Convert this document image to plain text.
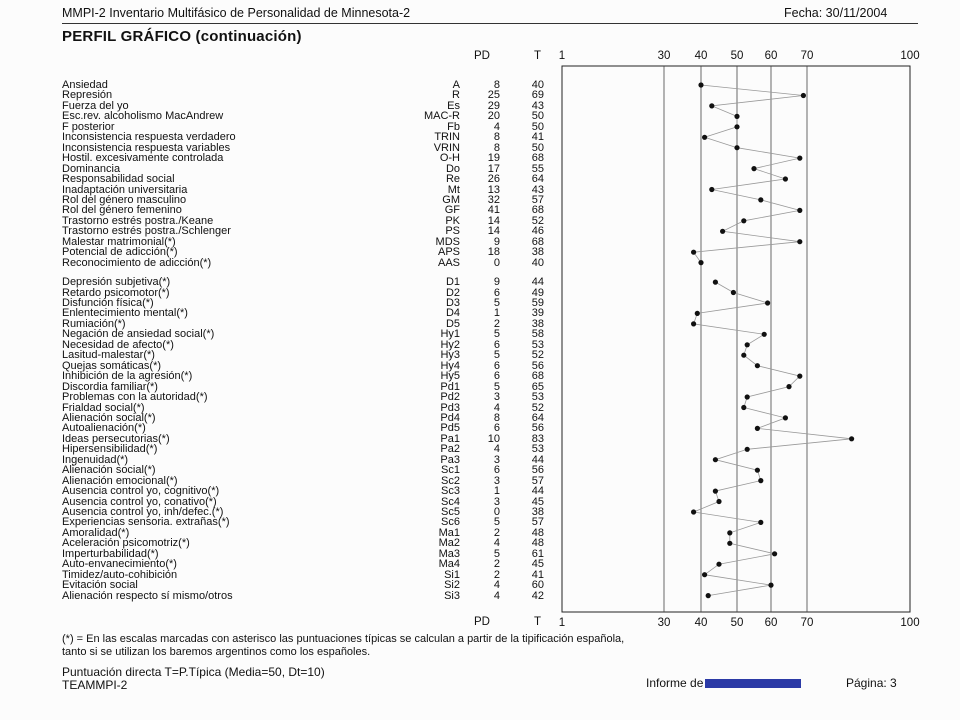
MMPI-2 Inventario Multifásico de Personalidad de Minnesota-2	Fecha: 30/11/2004
PERFIL GRÁFICO (continuación)
PD	T
PD	T
Ansiedad	A	8	40
Represión	R	25	69
Fuerza del yo	Es	29	43
Esc.rev. alcoholismo MacAndrew	MAC-R	20	50
F posterior	Fb	4	50
Inconsistencia respuesta verdadero	TRIN	8	41
Inconsistencia respuesta variables	VRIN	8	50
Hostil. excesivamente controlada	O-H	19	68
Dominancia	Do	17	55
Responsabilidad social	Re	26	64
Inadaptación universitaria	Mt	13	43
Rol del género masculino	GM	32	57
Rol del género femenino	GF	41	68
Trastorno estrés postra./Keane	PK	14	52
Trastorno estrés postra./Schlenger	PS	14	46
Malestar matrimonial(*)	MDS	9	68
Potencial de adicción(*)	APS	18	38
Reconocimiento de adicción(*)	AAS	0	40
Depresión subjetiva(*)	D1	9	44
Retardo psicomotor(*)	D2	6	49
Disfunción física(*)	D3	5	59
Enlentecimiento mental(*)	D4	1	39
Rumiación(*)	D5	2	38
Negación de ansiedad social(*)	Hy1	5	58
Necesidad de afecto(*)	Hy2	6	53
Lasitud-malestar(*)	Hy3	5	52
Quejas somáticas(*)	Hy4	6	56
Inhibición de la agresión(*)	Hy5	6	68
Discordia familiar(*)	Pd1	5	65
Problemas con la autoridad(*)	Pd2	3	53
Frialdad social(*)	Pd3	4	52
Alienación social(*)	Pd4	8	64
Autoalienación(*)	Pd5	6	56
Ideas persecutorias(*)	Pa1	10	83
Hipersensibilidad(*)	Pa2	4	53
Ingenuidad(*)	Pa3	3	44
Alienación social(*)	Sc1	6	56
Alienación emocional(*)	Sc2	3	57
Ausencia control yo, cognitivo(*)	Sc3	1	44
Ausencia control yo, conativo(*)	Sc4	3	45
Ausencia control yo, inh/defec.(*)	Sc5	0	38
Experiencias sensoria. extrañas(*)	Sc6	5	57
Amoralidad(*)	Ma1	2	48
Aceleración psicomotriz(*)	Ma2	4	48
Imperturbabilidad(*)	Ma3	5	61
Auto-envanecimiento(*)	Ma4	2	45
Timidez/auto-cohibición	Si1	2	41
Evitación social	Si2	4	60
Alienación respecto sí mismo/otros	Si3	4	42
1
1
30
30
40
40
50
50
60
60
70
70
100
100
(*) = En las escalas marcadas con asterisco las puntuaciones típicas se calculan a partir de la tipificación española,
tanto si se utilizan los baremos argentinos como los españoles.
Puntuación directa T=P.Típica (Media=50, Dt=10)
TEAMMPI-2	Informe de	Página: 3
